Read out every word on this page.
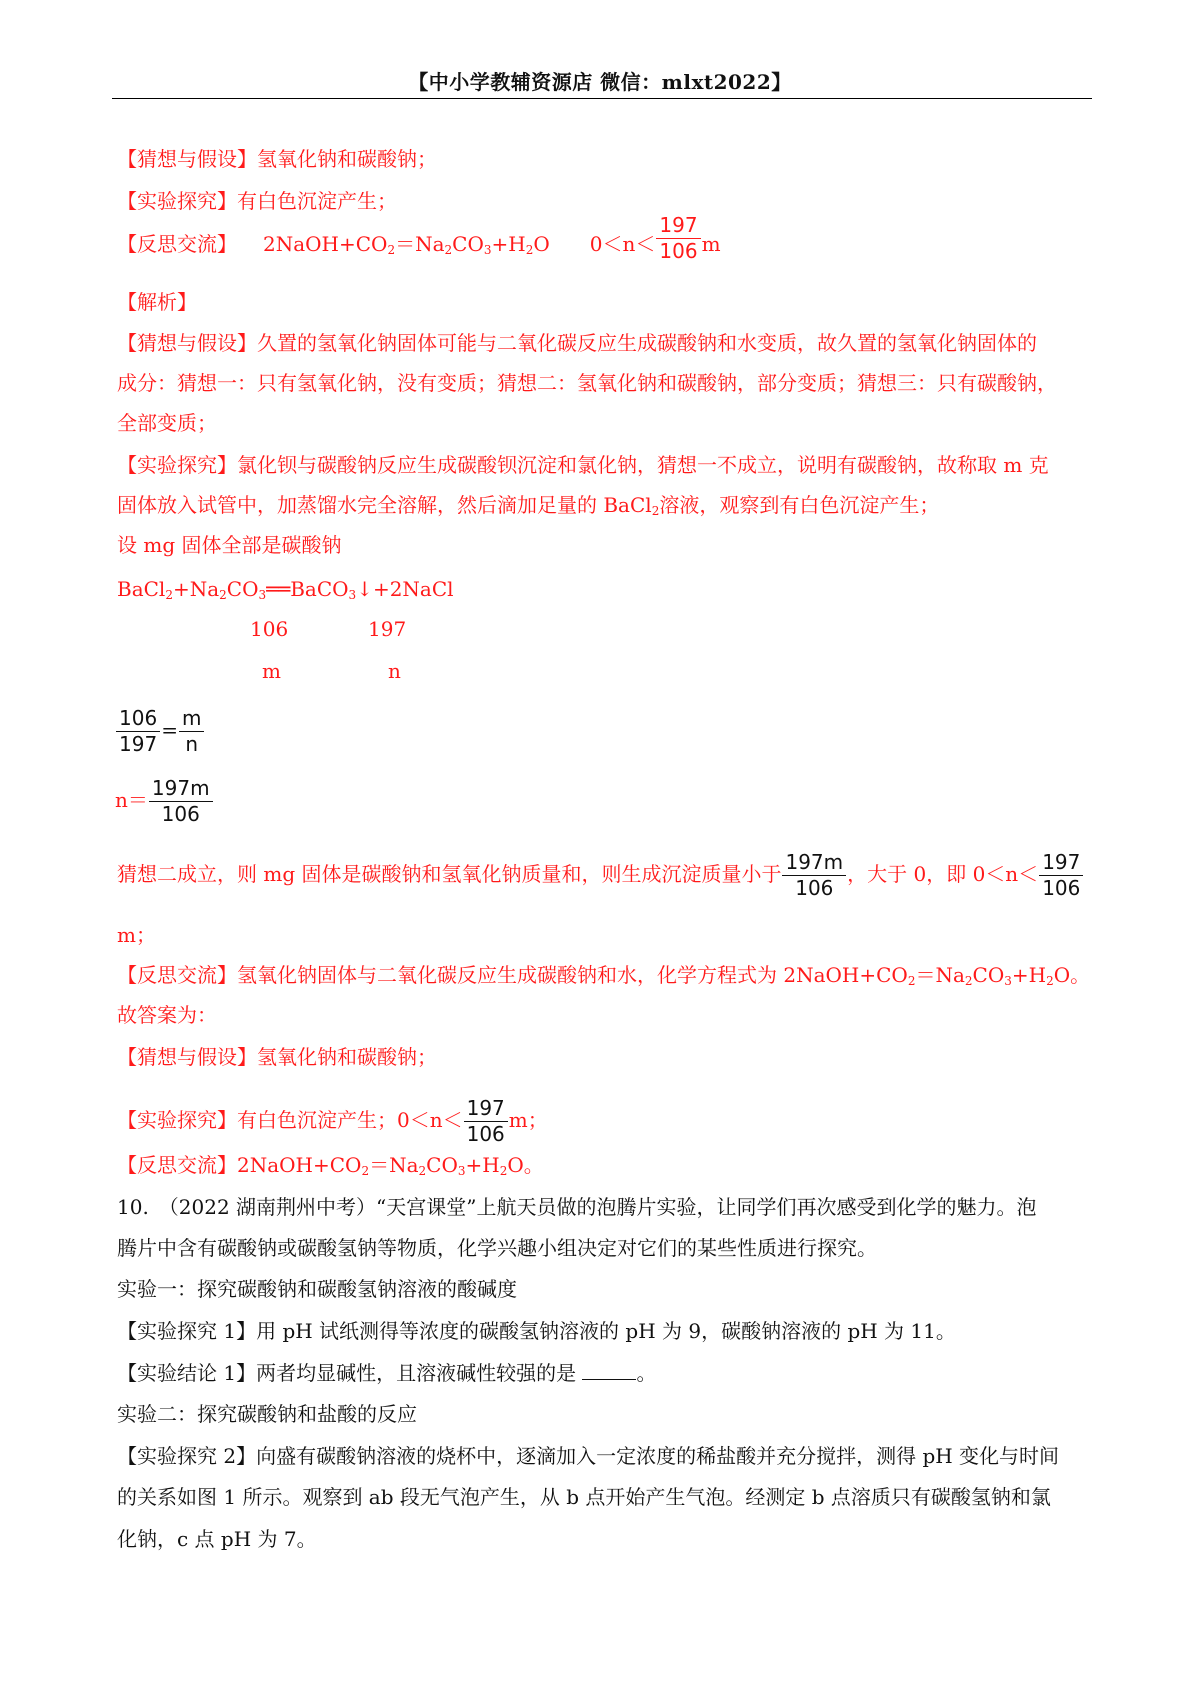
【中小学教辅资源店 微信：mlxt2022】
【猜想与假设】氢氧化钠和碳酸钠；
【实验探究】有白色沉淀产生；
【反思交流】 $2NaOH+CO_2=Na_2CO_3+H_2O$ $0<n< \frac{197}{106}$ m
【解析】
【猜想与假设】久置的氢氧化钠固体可能与二氧化碳反应生成碳酸钠和水变质，故久置的氢氧化钠固体的
成分：猜想一：只有氢氧化钠，没有变质；猜想二：氢氧化钠和碳酸钠，部分变质；猜想三：只有碳酸钠，
全部变质；
【实验探究】氯化钡与碳酸钠反应生成碳酸钡沉淀和氯化钠，猜想一不成立，说明有碳酸钠，故称取 m 克
固体放入试管中，加蒸馏水完全溶解，然后滴加足量的 BaCl$_2$溶液，观察到有白色沉淀产生；
设 mg 固体全部是碳酸钠
$BaCl_2+Na_2CO_3══BaCO_3↓+2NaCl$
106	197
m	n
$\frac{106}{197} = \frac{m}{n}$
$n= \frac{197m}{106}$
猜想二成立，则 mg 固体是碳酸钠和氢氧化钠质量和，则生成沉淀质量小于 $\frac{197m}{106}$ ，大于 0，即 $0<n< \frac{197}{106}$
m；
【反思交流】氢氧化钠固体与二氧化碳反应生成碳酸钠和水，化学方程式为 $2NaOH+CO_2=Na_2CO_3+H_2O$。
故答案为：
【猜想与假设】氢氧化钠和碳酸钠；
【实验探究】有白色沉淀产生；$0<n< \frac{197}{106}$ m；
【反思交流】$2NaOH+CO_2=Na_2CO_3+H_2O$。
10.　（2022 湖南荆州中考）“天宫课堂”上航天员做的泡腾片实验，让同学们再次感受到化学的魅力。泡
腾片中含有碳酸钠或碳酸氢钠等物质，化学兴趣小组决定对它们的某些性质进行探究。
实验一：探究碳酸钠和碳酸氢钠溶液的酸碱度
【实验探究 1】用 pH 试纸测得等浓度的碳酸氢钠溶液的 pH 为 9，碳酸钠溶液的 pH 为 11。
【实验结论 1】两者均显碱性，且溶液碱性较强的是	。
实验二：探究碳酸钠和盐酸的反应
【实验探究 2】向盛有碳酸钠溶液的烧杯中，逐滴加入一定浓度的稀盐酸并充分搅拌，测得 pH 变化与时间
的关系如图 1 所示。观察到 ab 段无气泡产生，从 b 点开始产生气泡。经测定 b 点溶质只有碳酸氢钠和氯
化钠，c 点 pH 为 7。
